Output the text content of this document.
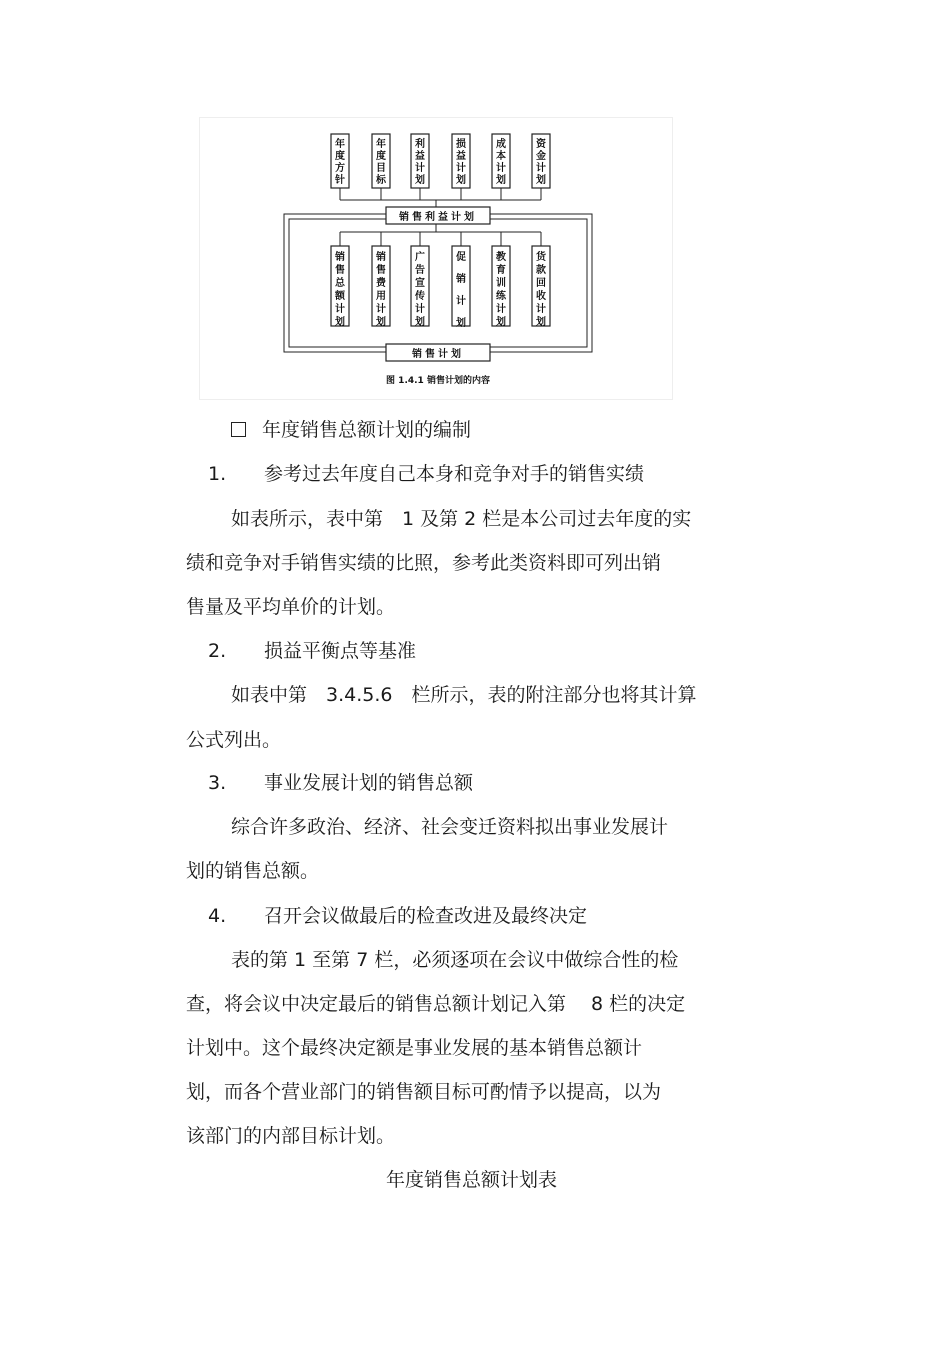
年度方针
年度目标
利益计划
损益计划
成本计划
资金计划
销售利益计划
销售总额计划
销售费用计划
广告宣传计划
促销计划
教育训练计划
货款回收计划
销售计划
图 1.4.1 销售计划的内容
年度销售总额计划的编制
1. 参考过去年度自己本身和竞争对手的销售实绩
如表所示，表中第　1 及第 2 栏是本公司过去年度的实
绩和竞争对手销售实绩的比照，参考此类资料即可列出销
售量及平均单价的计划。
2. 损益平衡点等基准
如表中第　3.4.5.6　栏所示，表的附注部分也将其计算
公式列出。
3. 事业发展计划的销售总额
综合许多政治、经济、社会变迁资料拟出事业发展计
划的销售总额。
4. 召开会议做最后的检查改进及最终决定
表的第 1 至第 7 栏，必须逐项在会议中做综合性的检
查，将会议中决定最后的销售总额计划记入第　 8 栏的决定
计划中。这个最终决定额是事业发展的基本销售总额计
划，而各个营业部门的销售额目标可酌情予以提高，以为
该部门的内部目标计划。
年度销售总额计划表
